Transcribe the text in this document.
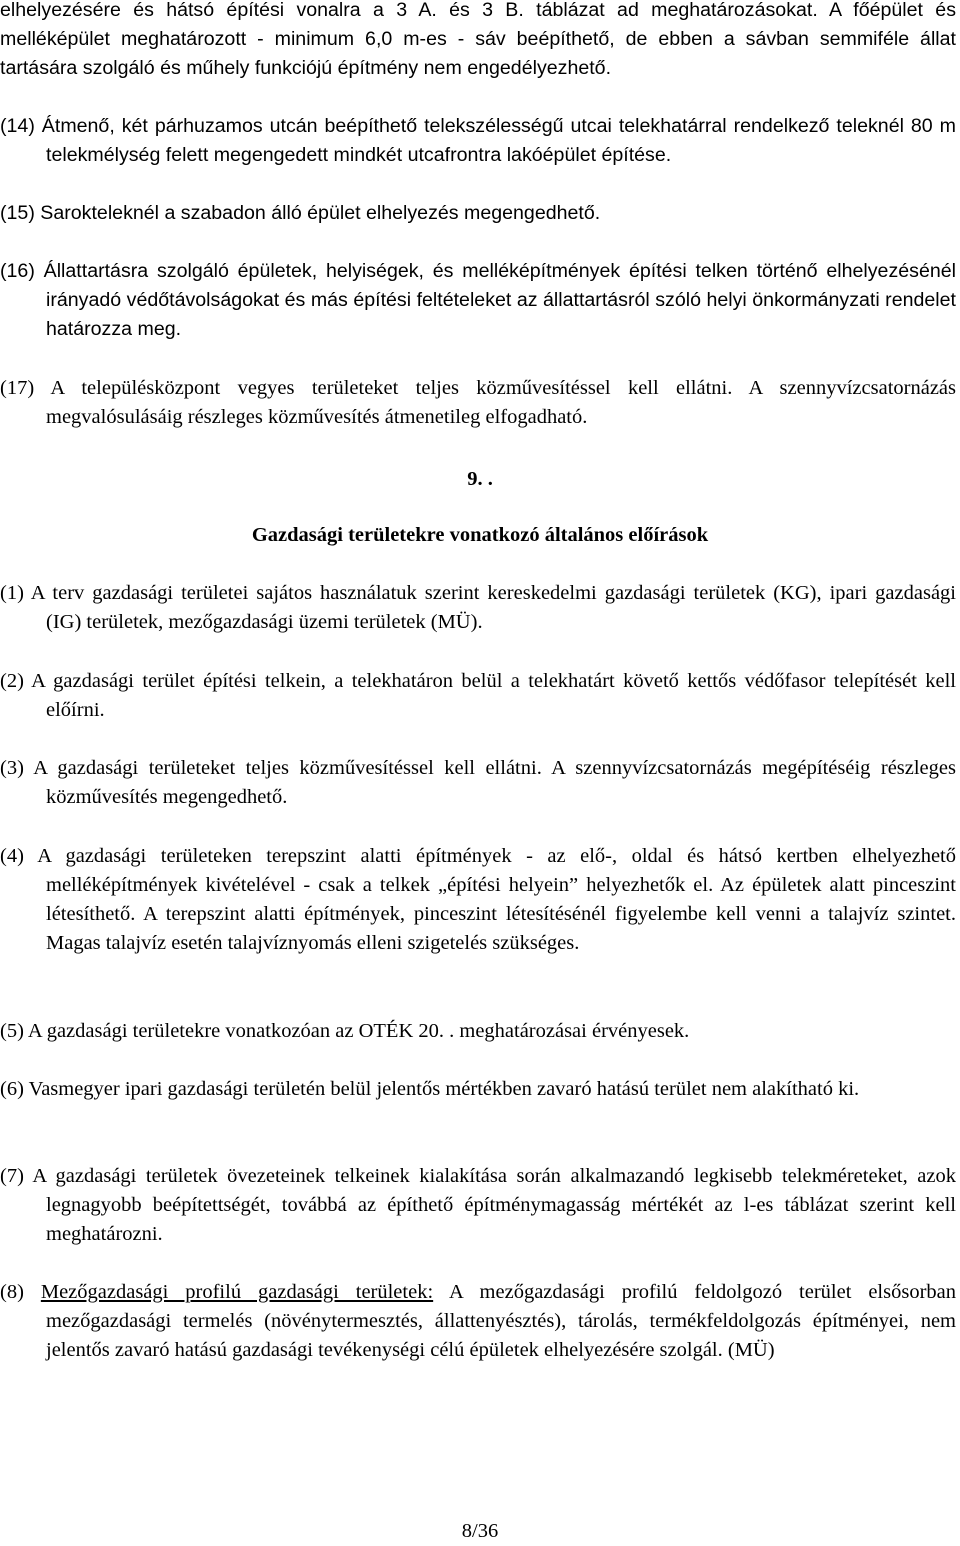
elhelyezésére és hátsó építési vonalra a 3 A. és 3 B. táblázat ad meghatározásokat. A főépület és melléképület meghatározott - minimum 6,0 m-es - sáv beépíthető, de ebben a sávban semmiféle állat tartására szolgáló és műhely funkciójú építmény nem engedélyezhető.

(14) Átmenő, két párhuzamos utcán beépíthető telekszélességű utcai telekhatárral rendelkező teleknél 80 m telekmélység felett megengedett mindkét utcafrontra lakóépület építése.

(15) Sarokteleknél a szabadon álló épület elhelyezés megengedhető.

(16) Állattartásra szolgáló épületek, helyiségek, és melléképítmények építési telken történő elhelyezésénél irányadó védőtávolságokat és más építési feltételeket az állattartásról szóló helyi önkormányzati rendelet határozza meg.

(17) A településközpont vegyes területeket teljes közművesítéssel kell ellátni. A szennyvízcsatornázás megvalósulásáig részleges közművesítés átmenetileg elfogadható.

9. .

Gazdasági területekre vonatkozó általános előírások

(1) A terv gazdasági területei sajátos használatuk szerint kereskedelmi gazdasági területek (KG), ipari gazdasági (IG) területek, mezőgazdasági üzemi területek (MÜ).

(2) A gazdasági terület építési telkein, a telekhatáron belül a telekhatárt követő kettős védőfasor telepítését kell előírni.

(3) A gazdasági területeket teljes közművesítéssel kell ellátni. A szennyvízcsatornázás megépítéséig részleges közművesítés megengedhető.

(4) A gazdasági területeken terepszint alatti építmények - az elő-, oldal és hátsó kertben elhelyezhető melléképítmények kivételével - csak a telkek „építési helyein” helyezhetők el. Az épületek alatt pinceszint létesíthető. A terepszint alatti építmények, pinceszint létesítésénél figyelembe kell venni a talajvíz szintet. Magas talajvíz esetén talajvíznyomás elleni szigetelés szükséges.

(5) A gazdasági területekre vonatkozóan az OTÉK 20. . meghatározásai érvényesek.

(6) Vasmegyer ipari gazdasági területén belül jelentős mértékben zavaró hatású terület nem alakítható ki.

(7) A gazdasági területek övezeteinek telkeinek kialakítása során alkalmazandó legkisebb telekméreteket, azok legnagyobb beépítettségét, továbbá az építhető építménymagasság mértékét az l-es táblázat szerint kell meghatározni.

(8) Mezőgazdasági profilú gazdasági területek: A mezőgazdasági profilú feldolgozó terület elsősorban mezőgazdasági termelés (növénytermesztés, állattenyésztés), tárolás, termékfeldolgozás építményei, nem jelentős zavaró hatású gazdasági tevékenységi célú épületek elhelyezésére szolgál. (MÜ)

8/36
